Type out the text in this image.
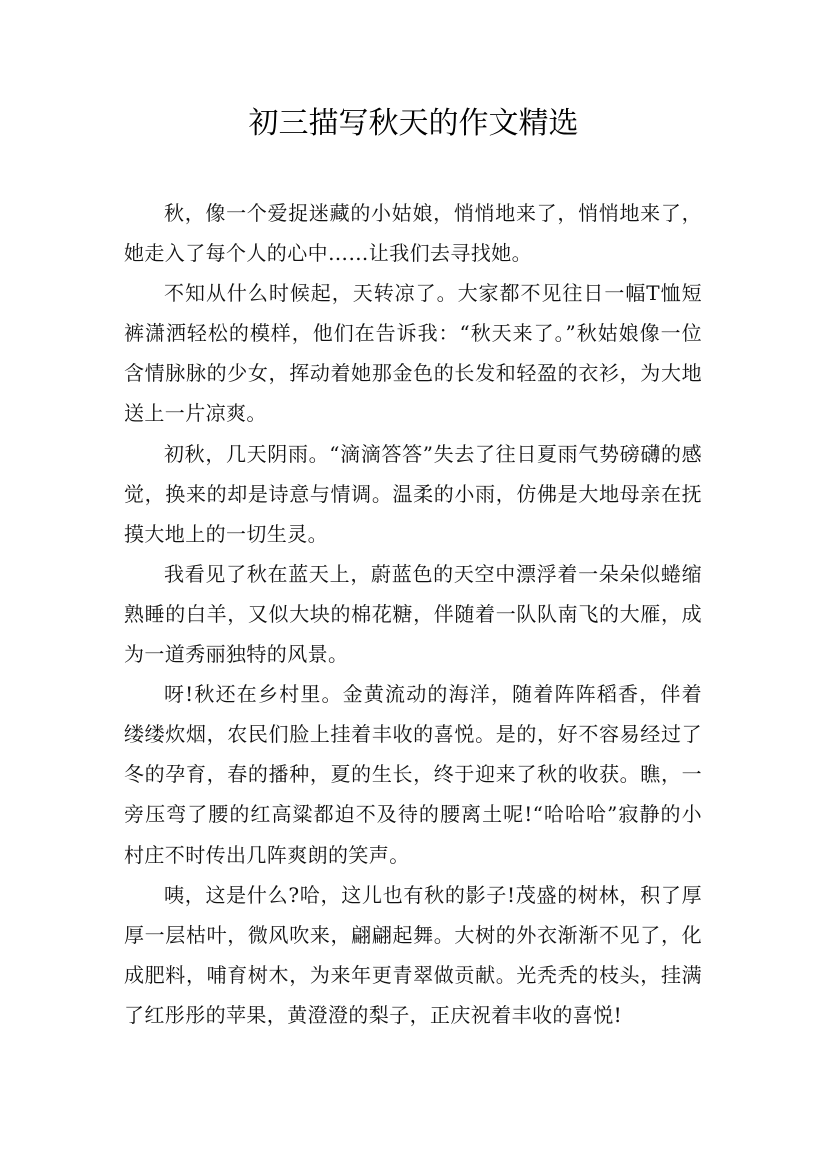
初三描写秋天的作文精选

秋，像一个爱捉迷藏的小姑娘，悄悄地来了，悄悄地来了，她走入了每个人的心中……让我们去寻找她。

不知从什么时候起，天转凉了。大家都不见往日一幅T恤短裤潇洒轻松的模样，他们在告诉我：“秋天来了。”秋姑娘像一位含情脉脉的少女，挥动着她那金色的长发和轻盈的衣衫，为大地送上一片凉爽。

初秋，几天阴雨。“滴滴答答”失去了往日夏雨气势磅礴的感觉，换来的却是诗意与情调。温柔的小雨，仿佛是大地母亲在抚摸大地上的一切生灵。

我看见了秋在蓝天上，蔚蓝色的天空中漂浮着一朵朵似蜷缩熟睡的白羊，又似大块的棉花糖，伴随着一队队南飞的大雁，成为一道秀丽独特的风景。

呀!秋还在乡村里。金黄流动的海洋，随着阵阵稻香，伴着缕缕炊烟，农民们脸上挂着丰收的喜悦。是的，好不容易经过了冬的孕育，春的播种，夏的生长，终于迎来了秋的收获。瞧，一旁压弯了腰的红高粱都迫不及待的腰离土呢!“哈哈哈”寂静的小村庄不时传出几阵爽朗的笑声。

咦，这是什么?哈，这儿也有秋的影子!茂盛的树林，积了厚厚一层枯叶，微风吹来，翩翩起舞。大树的外衣渐渐不见了，化成肥料，哺育树木，为来年更青翠做贡献。光秃秃的枝头，挂满了红彤彤的苹果，黄澄澄的梨子，正庆祝着丰收的喜悦!
